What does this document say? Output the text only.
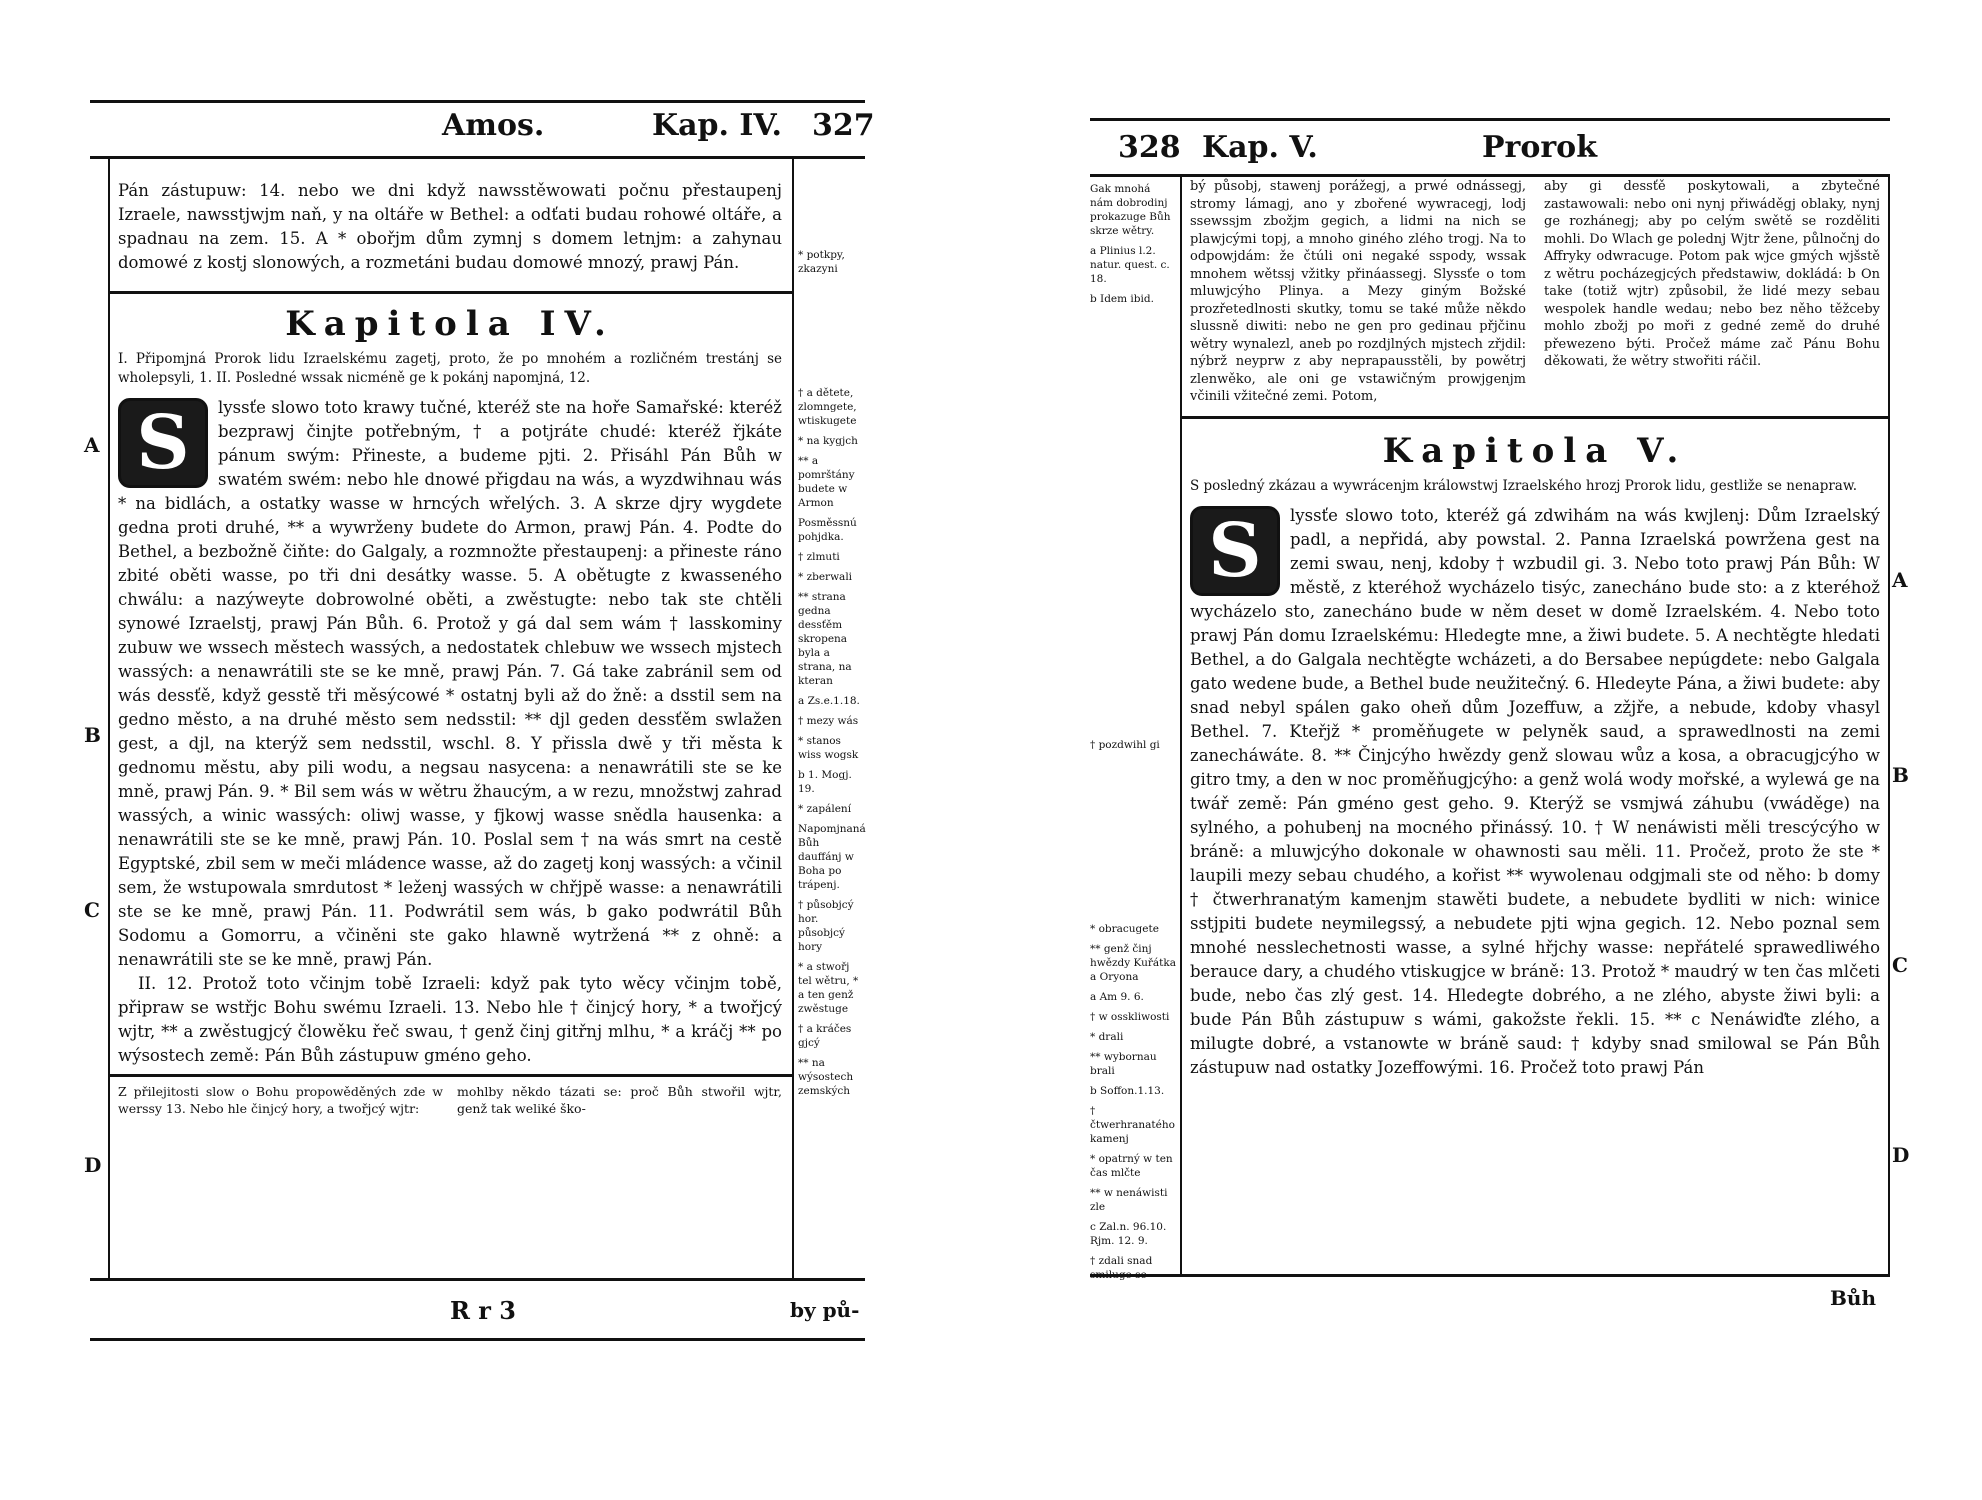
Amos.	Kap. IV. 327

Pán zástupuw: 14. nebo we dni když nawsstěwowati počnu přestaupenj Izraele, nawsstjwjm naň, y na oltáře w Bethel: a odťati budau rohowé oltáře, a spadnau na zem. 15. A * obořjm dům zymnj s domem letnjm: a zahynau domowé z kostj slonowých, a rozmetáni budau domowé mnozý, prawj Pán.

Kapitola IV.

I. Připomjná Prorok lidu Izraelskému zagetj, proto, že po mnohém a rozličném trestánj se wholepsyli, 1. II. Posledné wssak nicméně ge k pokánj napomjná, 12.

S	lyssťe slowo toto krawy tučné, kteréž ste na hoře Samařské: kteréž bezprawj činjte potřebným, † a potjráte chudé: kteréž řjkáte pánum swým: Přineste, a budeme pjti. 2. Přisáhl Pán Bůh w swatém swém: nebo hle dnowé přigdau na wás, a wyzdwihnau wás * na bidlách, a ostatky wasse w hrncých wřelých. 3. A skrze djry wygdete gedna proti druhé, ** a wywrženy budete do Armon, prawj Pán. 4. Podte do Bethel, a bezbožně čiňte: do Galgaly, a rozmnožte přestaupenj: a přineste ráno zbité oběti wasse, po tři dni desátky wasse. 5. A obětugte z kwassenéhо chwálu: a nazýweyte dobrowolné oběti, a zwěstugte: nebo tak ste chtěli synowé Izraelstj, prawj Pán Bůh. 6. Protož y gá dal sem wám † lasskominy zubuw we wssech městech wassých, a nedostatek chlebuw we wssech mjstech wassých: a nenawrátili ste se ke mně, prawj Pán. 7. Gá take zabránil sem od wás dessťě, když gesstě tři měsýcowé * ostatnj byli až do žně: a dsstil sem na gedno město, a na druhé město sem nedsstil: ** djl geden dessťěm swlažen gest, a djl, na kterýž sem nedsstil, wschl. 8. Y přissla dwě y tři města k gednomu městu, aby pili wodu, a negsau nasycena: a nenawrátili ste se ke mně, prawj Pán. 9. * Bil sem wás w wětru žhaucým, a w rezu, množstwj zahrad wassých, a winic wassých: oliwj wasse, y fjkowj wasse snědla hausenka: a nenawrátili ste se ke mně, prawj Pán. 10. Poslal sem † na wás smrt na cestě Egyptské, zbil sem w meči mládence wasse, až do zagetj konj wassých: a včinil sem, že wstupowala smrdutost * leženj wassých w chřjpě wasse: a nenawrátili ste se ke mně, prawj Pán. 11. Podwrátil sem wás, b gako podwrátil Bůh Sodomu a Gomorru, a včiněni ste gako hlawně wytržená ** z ohně: a nenawrátili ste se ke mně, prawj Pán.

II. 12. Protož toto včinjm tobě Izraeli: když pak tyto wěcy včinjm tobě, připraw se wstřjc Bohu swému Izraeli. 13. Nebo hle † činjcý hory, * a twořjcý wjtr, ** a zwěstugjcý člowěku řeč swau, † genž činj gitřnj mlhu, * a kráčj ** po wýsostech země: Pán Bůh zástupuw gméno geho.

Z přilejitosti slow o Bohu propowěděných zde w werssy 13. Nebo hle činjcý hory, a twořjcý wjtr:
mohlby někdo tázati se: proč Bůh stwořil wjtr, genž tak weliké ško-
* potkpy, zkazyni
† a dětete, zlomngete, wtiskugete
* na kygjch
** a pomrštány budete w Armon
Posměssnú pohjdka.
† zlmuti
* zberwali
** strana gedna dessťěm skropena byla a strana, na kteran
a Zs.e.1.18.
† mezy wás
* stanos wiss wogsk
b 1. Mogj. 19.
* zapálení
Napomjnaná Bůh dauffánj w Boha po trápenj.
† působjcý hor. působjcý hory
* a stwořj tel wětru, * a ten genž zwěstuge
† a kráčes gjcý
** na wýsostech zemských
A
B
C
D
R r 3	by pů-
328 Kap. V.	Prorok
Gak mnohá nám dobrodinj prokazuge Bůh skrze wětry.
a Plinius l.2. natur. quest. c. 18.
b Idem ibid.
bý působj, stawenj porážegj, a prwé odnássegj, stromy lámagj, ano y zbořené wywracegj, lodj ssewssjm zbožjm gegich, a lidmi na nich se plawjcými topj, a mnoho giného zlého trogj. Na to odpowjdám: že čtúli oni negaké sspody, wssak mnohem wětssj vžitky přináassegj. Slyssťe o tom mluwjcýho Plinya. a Mezy giným Božské prozřetedlnosti skutky, tomu se také může někdo slussně diwiti: nebo ne gen pro gedinau přjčinu wětry wynalezl, aneb po rozdjlných mjstech zřjdil: nýbrž neyprw z aby neprapausstěli, by powětrj zlenwěko, ale oni ge vstawičným prowjgenjm včinili vžitečné zemi. Potom,
aby gi dessťě poskytowali, a zbytečné zastawowali: nebo oni nynj přiwáděgj oblaky, nynj ge rozhánegj; aby po celým swětě se rozděliti mohli. Do Wlach ge polednj Wjtr žene, půlnočnj do Affryky odwracuge. Potom pak wjce gmých wjšstě z wětru pocházegjcých předstawiw, dokládá: b On take (totiž wjtr) způsobil, že lidé mezy sebau wespolek handle wedau; nebo bez něho těžceby mohlo zbožj po moři z gedné země do druhé přewezeno býti. Pročež máme zač Pánu Bohu děkowati, že wětry stwořiti ráčil.
Kapitola V.

S posledný zkázau a wywrácenjm králowstwj Izraelského hrozj Prorok lidu, gestliže se nenapraw.

S	lyssťe slowo toto, kteréž gá zdwihám na wás kwjlenj: Dům Izraelský padl, a nepřidá, aby powstal. 2. Panna Izraelská powržena gest na zemi swau, nenj, kdoby † wzbudil gi. 3. Nebo toto prawj Pán Bůh: W městě, z kteréhož wycházelo tisýc, zanecháno bude sto: a z kteréhož wycházelo sto, zanecháno bude w něm deset w domě Izraelském. 4. Nebo toto prawj Pán domu Izraelskému: Hledegte mne, a žiwi budete. 5. A nechtěgte hledati Bethel, a do Galgala nechtěgte wcházeti, a do Bersabee nepúgdete: nebo Galgala gato wedene bude, a Bethel bude neužitečný. 6. Hledeyte Pána, a žiwi budete: aby snad nebyl spálen gako oheň dům Jozeffuw, a zžjře, a nebude, kdoby vhasyl Bethel. 7. Kteřjž * proměňugete w pelyněk saud, a sprawedlnosti na zemi zanecháwáte. 8. ** Činjcýho hwězdy genž slowau wůz a kosa, a obracugjcýho w gitro tmy, a den w noc proměňugjcýho: a genž wolá wody mořské, a wylewá ge na twář země: Pán gméno gest geho. 9. Kterýž se vsmjwá záhubu (vwáděge) na sylného, a pohubenj na mocného přinássý. 10. † W nenáwisti měli trescýcýho w bráně: a mluwjcýho dokonale w ohawnosti sau měli. 11. Pročež, proto že ste * laupili mezy sebau chudého, a kořist ** wywolenau odgjmali ste od něho: b domy † čtwerhranatým kamenjm stawěti budete, a nebudete bydliti w nich: winice sstjpiti budete neymilegssý, a nebudete pjti wjna gegich. 12. Nebo poznal sem mnohé nesslechetnosti wasse, a sylné hřjchy wasse: nepřátelé sprawedliwého berauce dary, a chudého vtiskugjce w bráně: 13. Protož * maudrý w ten čas mlčeti bude, nebo čas zlý gest. 14. Hledegte dobrého, a ne zlého, abyste žiwi byli: a bude Pán Bůh zástupuw s wámi, gakožste řekli. 15. ** c Nenáwiďte zlého, a milugte dobré, a vstanowte w bráně saud: † kdyby snad smilowal se Pán Bůh zástupuw nad ostatky Jozeffowými. 16. Pročež toto prawj Pán

† pozdwihl gi
* obracugete
** genž činj hwězdy Kuřátka a Oryona
a Am 9. 6.
† w osskliwosti
* drali
** wybornau brali
b Soffon.1.13.
† čtwerhranatého kamenj
* opatrný w ten čas mlčte
** w nenáwisti zle
c Zal.n. 96.10. Rjm. 12. 9.
† zdali snad smiluge se
A
B
C
D
Bůh
